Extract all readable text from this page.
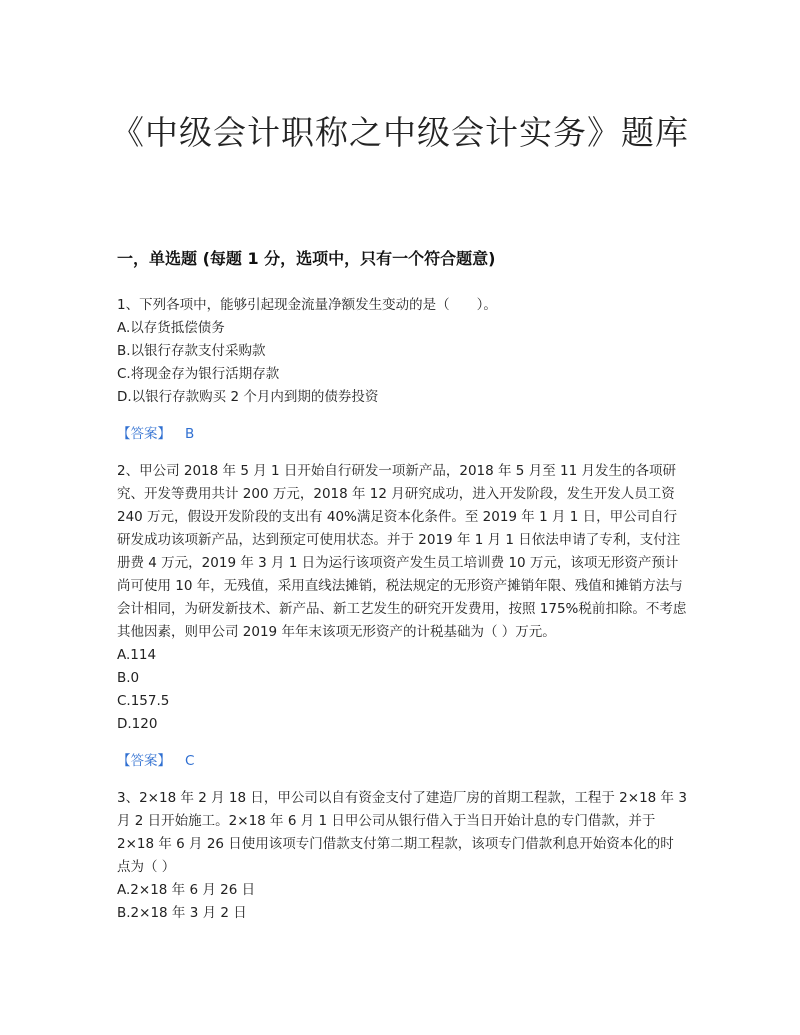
《中级会计职称之中级会计实务》题库
一，单选题 (每题 1 分，选项中，只有一个符合题意)

1、下列各项中，能够引起现金流量净额发生变动的是（　　）。

A.以存货抵偿债务

B.以银行存款支付采购款

C.将现金存为银行活期存款

D.以银行存款购买 2 个月内到期的债券投资

【答案】 B

2、甲公司 2018 年 5 月 1 日开始自行研发一项新产品，2018 年 5 月至 11 月发生的各项研究、开发等费用共计 200 万元，2018 年 12 月研究成功，进入开发阶段，发生开发人员工资 240 万元，假设开发阶段的支出有 40%满足资本化条件。至 2019 年 1 月 1 日，甲公司自行研发成功该项新产品，达到预定可使用状态。并于 2019 年 1 月 1 日依法申请了专利，支付注册费 4 万元，2019 年 3 月 1 日为运行该项资产发生员工培训费 10 万元，该项无形资产预计尚可使用 10 年，无残值，采用直线法摊销，税法规定的无形资产摊销年限、残值和摊销方法与会计相同，为研发新技术、新产品、新工艺发生的研究开发费用，按照 175%税前扣除。不考虑其他因素，则甲公司 2019 年年末该项无形资产的计税基础为（ ）万元。

A.114

B.0

C.157.5

D.120

【答案】 C

3、2×18 年 2 月 18 日，甲公司以自有资金支付了建造厂房的首期工程款，工程于 2×18 年 3 月 2 日开始施工。2×18 年 6 月 1 日甲公司从银行借入于当日开始计息的专门借款，并于 2×18 年 6 月 26 日使用该项专门借款支付第二期工程款，该项专门借款利息开始资本化的时点为（ ）

A.2×18 年 6 月 26 日

B.2×18 年 3 月 2 日
